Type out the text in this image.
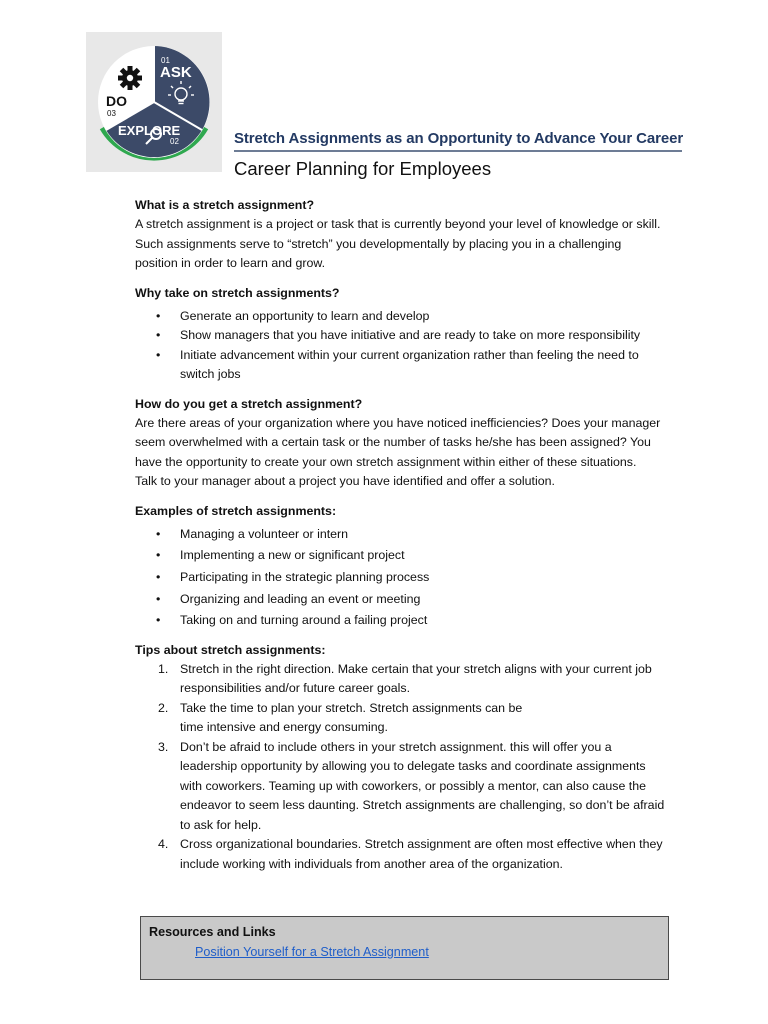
01
ASK
EXPLORE
02
DO
03
Stretch Assignments as an Opportunity to Advance Your Career
Career Planning for Employees
What is a stretch assignment?

A stretch assignment is a project or task that is currently beyond your level of knowledge or skill.

Such assignments serve to “stretch” you developmentally by placing you in a challenging

position in order to learn and grow.

Why take on stretch assignments?
• Generate an opportunity to learn and develop
• Show managers that you have initiative and are ready to take on more responsibility
• Initiate advancement within your current organization rather than feeling the need to

switch jobs

How do you get a stretch assignment?

Are there areas of your organization where you have noticed inefficiencies? Does your manager

seem overwhelmed with a certain task or the number of tasks he/she has been assigned? You

have the opportunity to create your own stretch assignment within either of these situations.

Talk to your manager about a project you have identified and offer a solution.

Examples of stretch assignments:
• Managing a volunteer or intern
• Implementing a new or significant project
• Participating in the strategic planning process
• Organizing and leading an event or meeting
• Taking on and turning around a failing project
Tips about stretch assignments:
1. Stretch in the right direction. Make certain that your stretch aligns with your current job
responsibilities and/or future career goals.
2. Take the time to plan your stretch. Stretch assignments can be
time intensive and energy consuming.
3. Don’t be afraid to include others in your stretch assignment. this will offer you a
leadership opportunity by allowing you to delegate tasks and coordinate assignments
with coworkers. Teaming up with coworkers, or possibly a mentor, can also cause the
endeavor to seem less daunting. Stretch assignments are challenging, so don’t be afraid
to ask for help.
4. Cross organizational boundaries. Stretch assignment are often most effective when they
include working with individuals from another area of the organization.
Resources and Links
Position Yourself for a Stretch Assignment
